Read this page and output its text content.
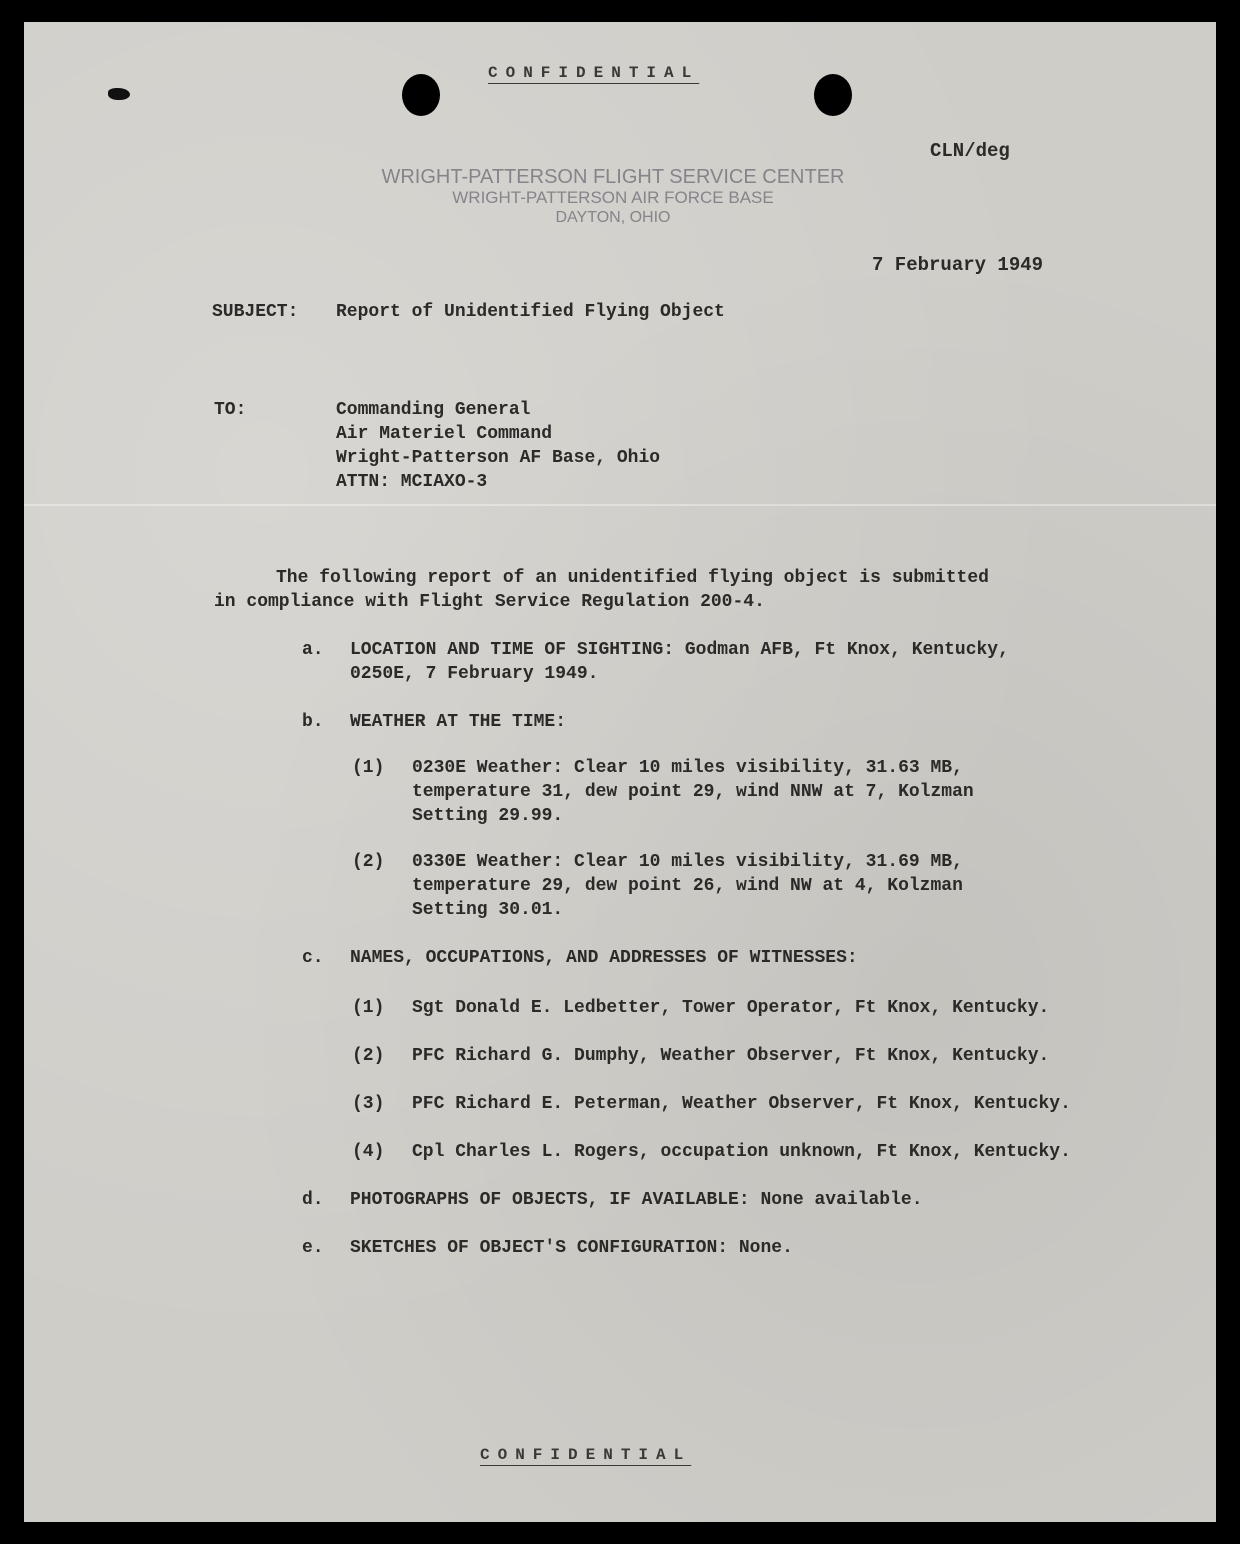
CONFIDENTIAL
CLN/deg
WRIGHT-PATTERSON FLIGHT SERVICE CENTER
WRIGHT-PATTERSON AIR FORCE BASE
DAYTON, OHIO
7 February 1949
SUBJECT: Report of Unidentified Flying Object
TO:	Commanding General
Air Materiel Command
Wright-Patterson AF Base, Ohio
ATTN: MCIAXO-3
The following report of an unidentified flying object is submitted
in compliance with Flight Service Regulation 200-4.
a. LOCATION AND TIME OF SIGHTING: Godman AFB, Ft Knox, Kentucky,
0250E, 7 February 1949.
b. WEATHER AT THE TIME:
(1) 0230E Weather: Clear 10 miles visibility, 31.63 MB,
temperature 31, dew point 29, wind NNW at 7, Kolzman
Setting 29.99.
(2) 0330E Weather: Clear 10 miles visibility, 31.69 MB,
temperature 29, dew point 26, wind NW at 4, Kolzman
Setting 30.01.
c. NAMES, OCCUPATIONS, AND ADDRESSES OF WITNESSES:
(1) Sgt Donald E. Ledbetter, Tower Operator, Ft Knox, Kentucky.
(2) PFC Richard G. Dumphy, Weather Observer, Ft Knox, Kentucky.
(3) PFC Richard E. Peterman, Weather Observer, Ft Knox, Kentucky.
(4) Cpl Charles L. Rogers, occupation unknown, Ft Knox, Kentucky.
d. PHOTOGRAPHS OF OBJECTS, IF AVAILABLE: None available.
e. SKETCHES OF OBJECT'S CONFIGURATION: None.
CONFIDENTIAL
